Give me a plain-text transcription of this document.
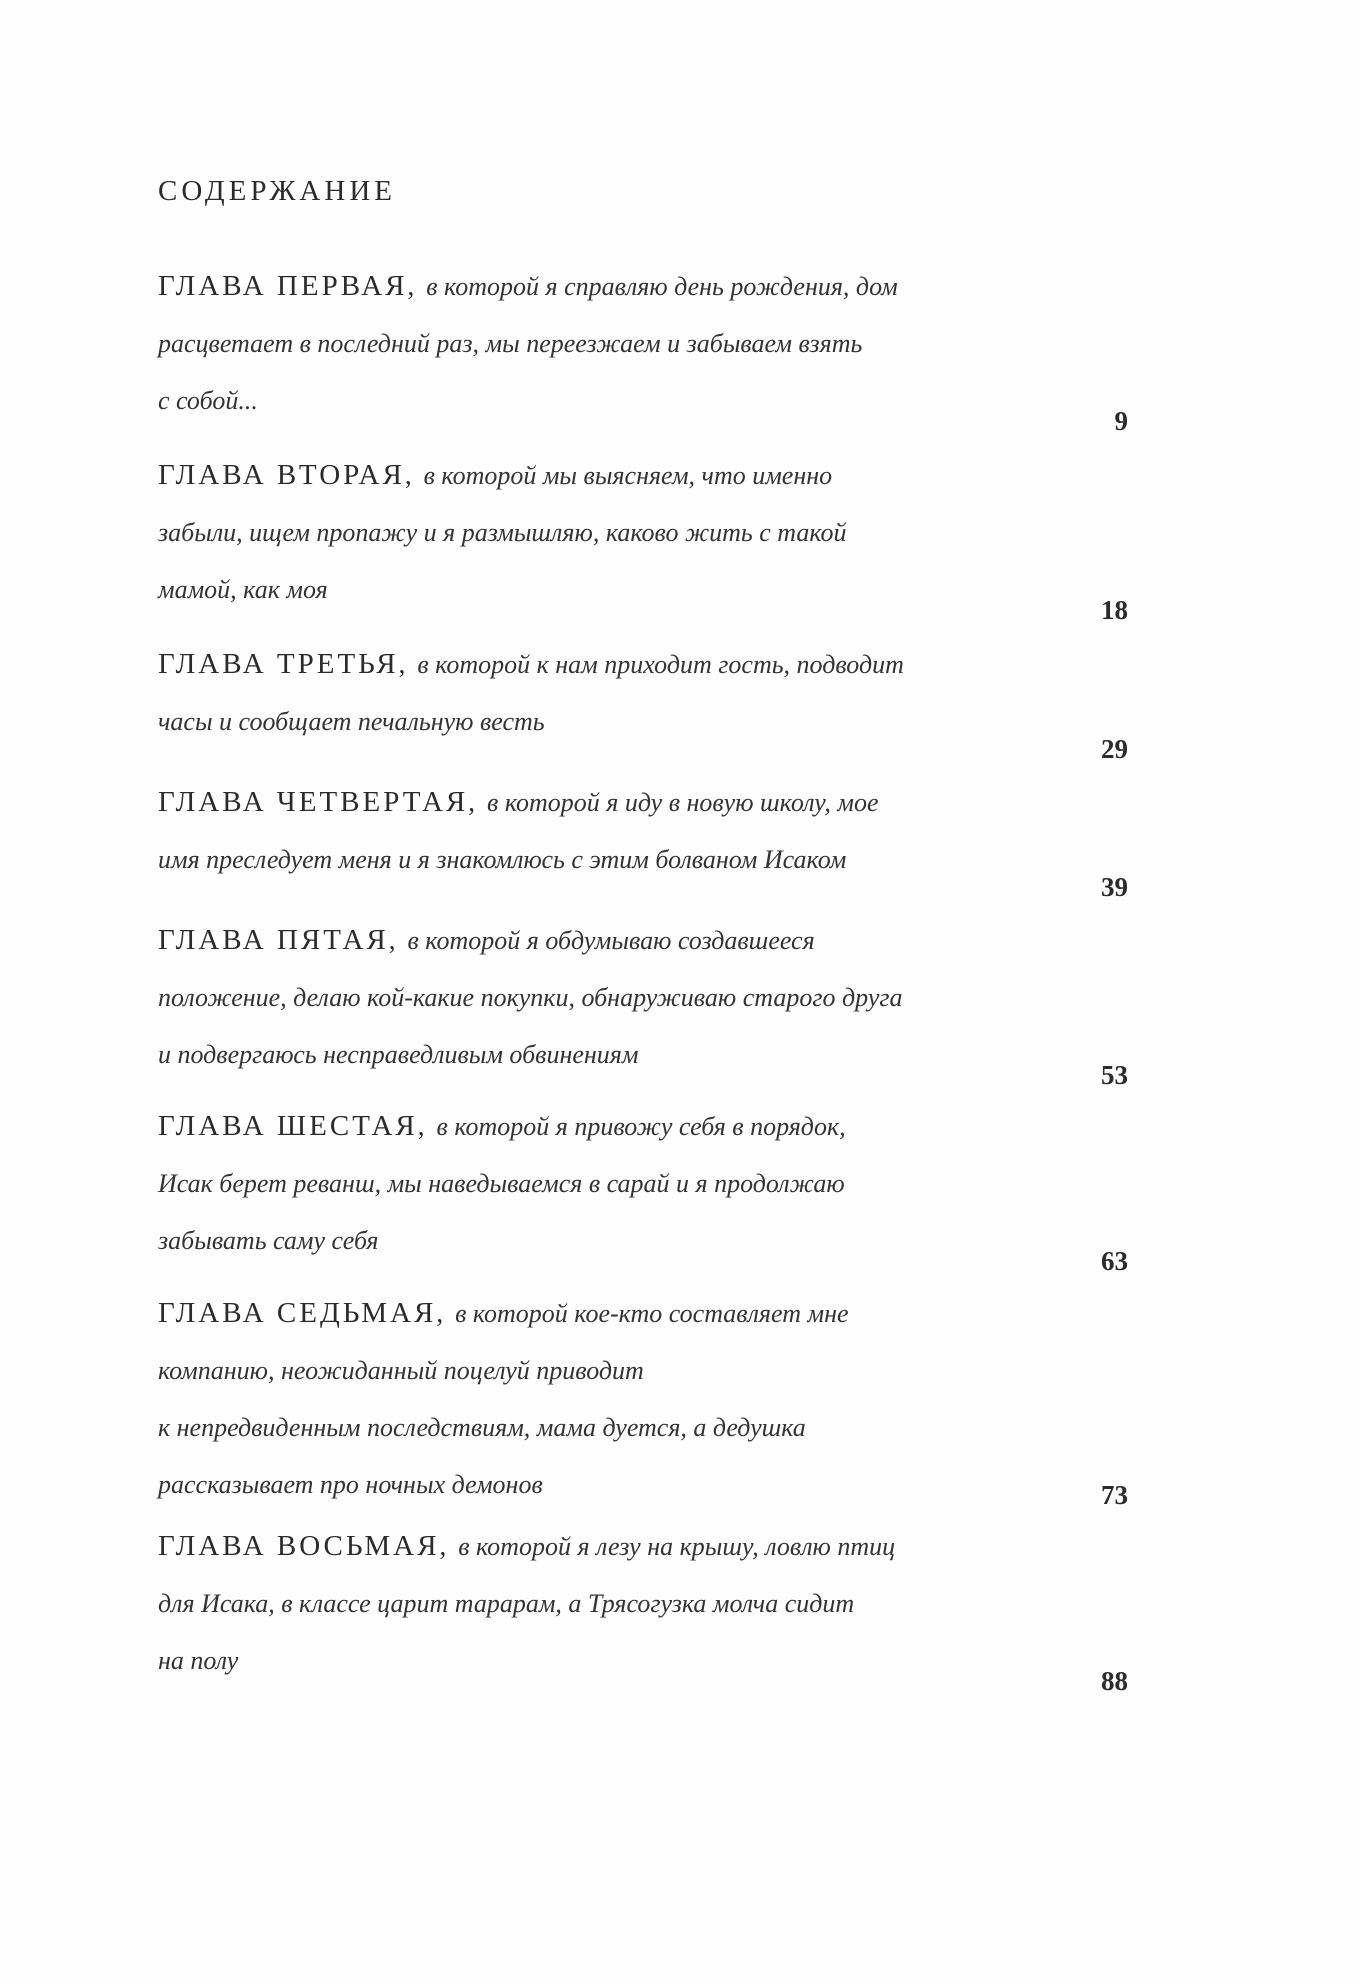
СОДЕРЖАНИЕ

ГЛАВА ПЕРВАЯ, в которой я справляю день рождения, дом
расцветает в последний раз, мы переезжаем и забываем взять
с собой...

9

ГЛАВА ВТОРАЯ, в которой мы выясняем, что именно
забыли, ищем пропажу и я размышляю, каково жить с такой
мамой, как моя

18

ГЛАВА ТРЕТЬЯ, в которой к нам приходит гость, подводит
часы и сообщает печальную весть

29

ГЛАВА ЧЕТВЕРТАЯ, в которой я иду в новую школу, мое
имя преследует меня и я знакомлюсь с этим болваном Исаком

39

ГЛАВА ПЯТАЯ, в которой я обдумываю создавшееся
положение, делаю кой-какие покупки, обнаруживаю старого друга
и подвергаюсь несправедливым обвинениям

53

ГЛАВА ШЕСТАЯ, в которой я привожу себя в порядок,
Исак берет реванш, мы наведываемся в сарай и я продолжаю
забывать саму себя

63

ГЛАВА СЕДЬМАЯ, в которой кое-кто составляет мне
компанию, неожиданный поцелуй приводит
к непредвиденным последствиям, мама дуется, а дедушка
рассказывает про ночных демонов	73

ГЛАВА ВОСЬМАЯ, в которой я лезу на крышу, ловлю птиц
для Исака, в классе царит тарарам, а Трясогузка молча сидит
на полу

88
